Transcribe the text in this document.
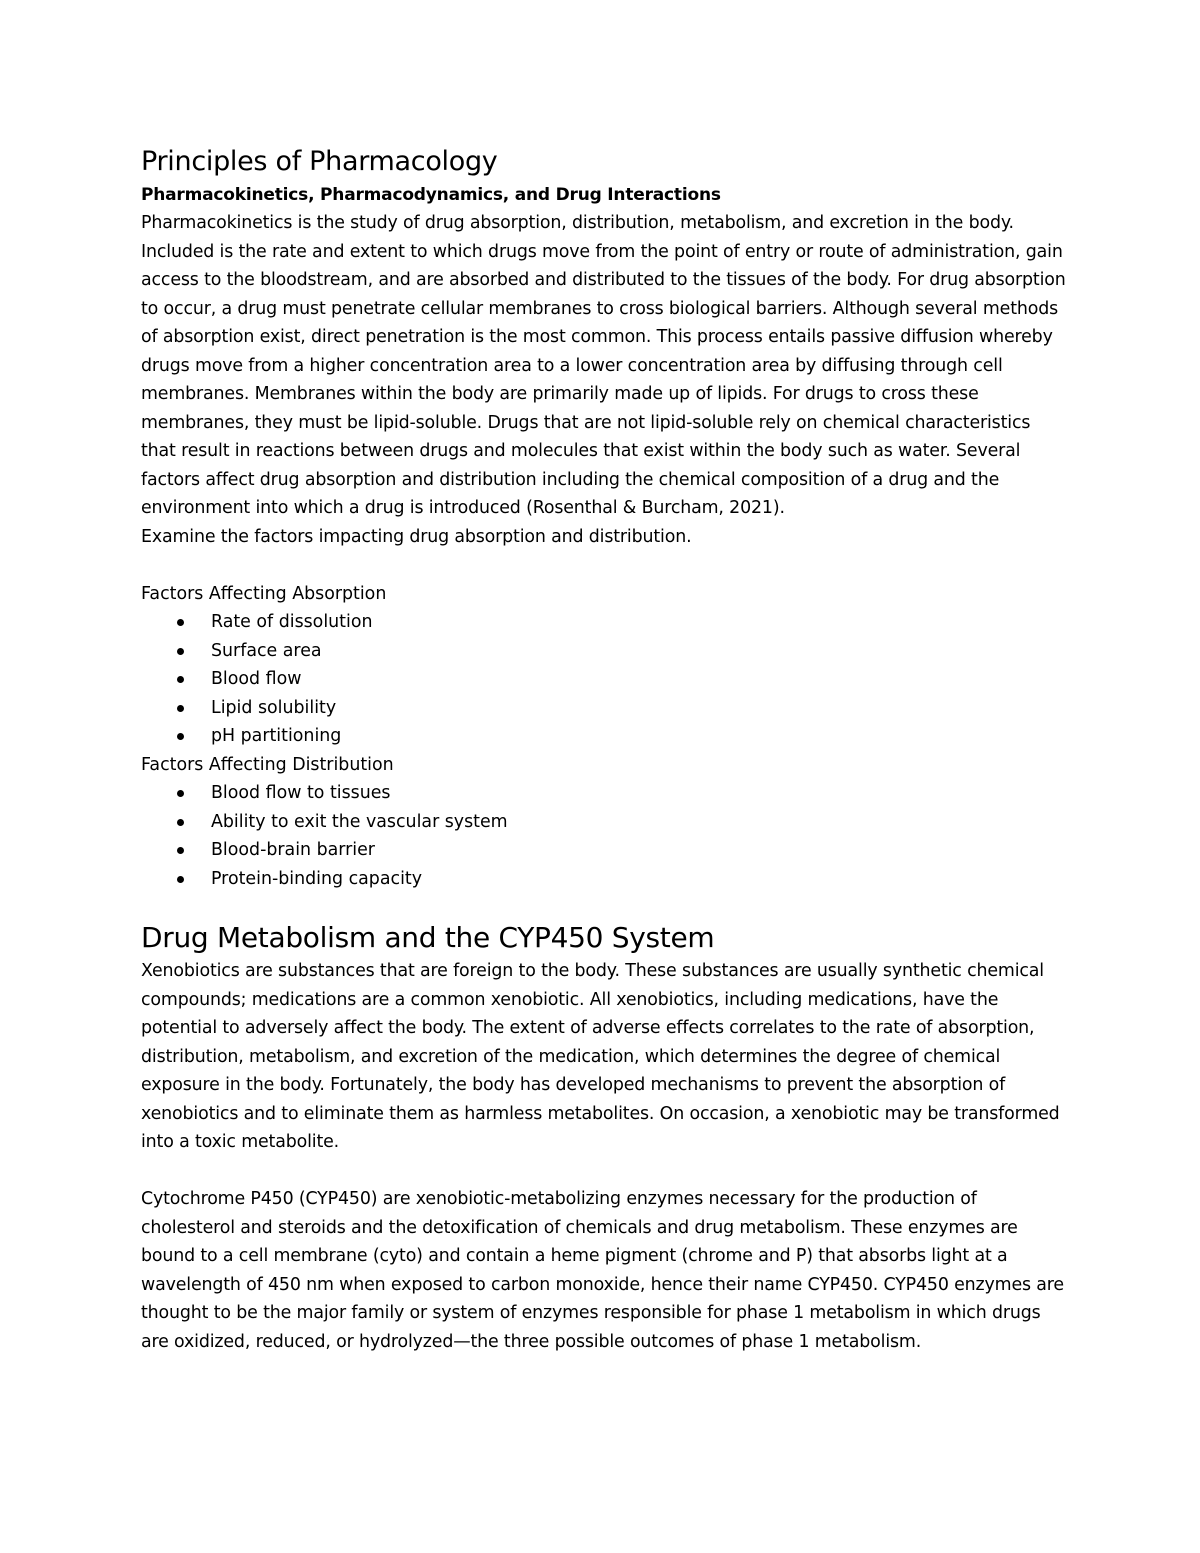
Principles of Pharmacology
Pharmacokinetics, Pharmacodynamics, and Drug Interactions

Pharmacokinetics is the study of drug absorption, distribution, metabolism, and excretion in the body. Included is the rate and extent to which drugs move from the point of entry or route of administration, gain access to the bloodstream, and are absorbed and distributed to the tissues of the body. For drug absorption to occur, a drug must penetrate cellular membranes to cross biological barriers. Although several methods of absorption exist, direct penetration is the most common. This process entails passive diffusion whereby drugs move from a higher concentration area to a lower concentration area by diffusing through cell membranes. Membranes within the body are primarily made up of lipids. For drugs to cross these membranes, they must be lipid-soluble. Drugs that are not lipid-soluble rely on chemical characteristics that result in reactions between drugs and molecules that exist within the body such as water. Several factors affect drug absorption and distribution including the chemical composition of a drug and the environment into which a drug is introduced (Rosenthal & Burcham, 2021).

Examine the factors impacting drug absorption and distribution.

Factors Affecting Absorption

Rate of dissolution
Surface area
Blood flow
Lipid solubility
pH partitioning

Factors Affecting Distribution

Blood flow to tissues
Ability to exit the vascular system
Blood-brain barrier
Protein-binding capacity
Drug Metabolism and the CYP450 System

Xenobiotics are substances that are foreign to the body. These substances are usually synthetic chemical compounds; medications are a common xenobiotic. All xenobiotics, including medications, have the potential to adversely affect the body. The extent of adverse effects correlates to the rate of absorption, distribution, metabolism, and excretion of the medication, which determines the degree of chemical exposure in the body. Fortunately, the body has developed mechanisms to prevent the absorption of xenobiotics and to eliminate them as harmless metabolites. On occasion, a xenobiotic may be transformed into a toxic metabolite.

Cytochrome P450 (CYP450) are xenobiotic-metabolizing enzymes necessary for the production of cholesterol and steroids and the detoxification of chemicals and drug metabolism. These enzymes are bound to a cell membrane (cyto) and contain a heme pigment (chrome and P) that absorbs light at a wavelength of 450 nm when exposed to carbon monoxide, hence their name CYP450. CYP450 enzymes are thought to be the major family or system of enzymes responsible for phase 1 metabolism in which drugs are oxidized, reduced, or hydrolyzed—the three possible outcomes of phase 1 metabolism.
